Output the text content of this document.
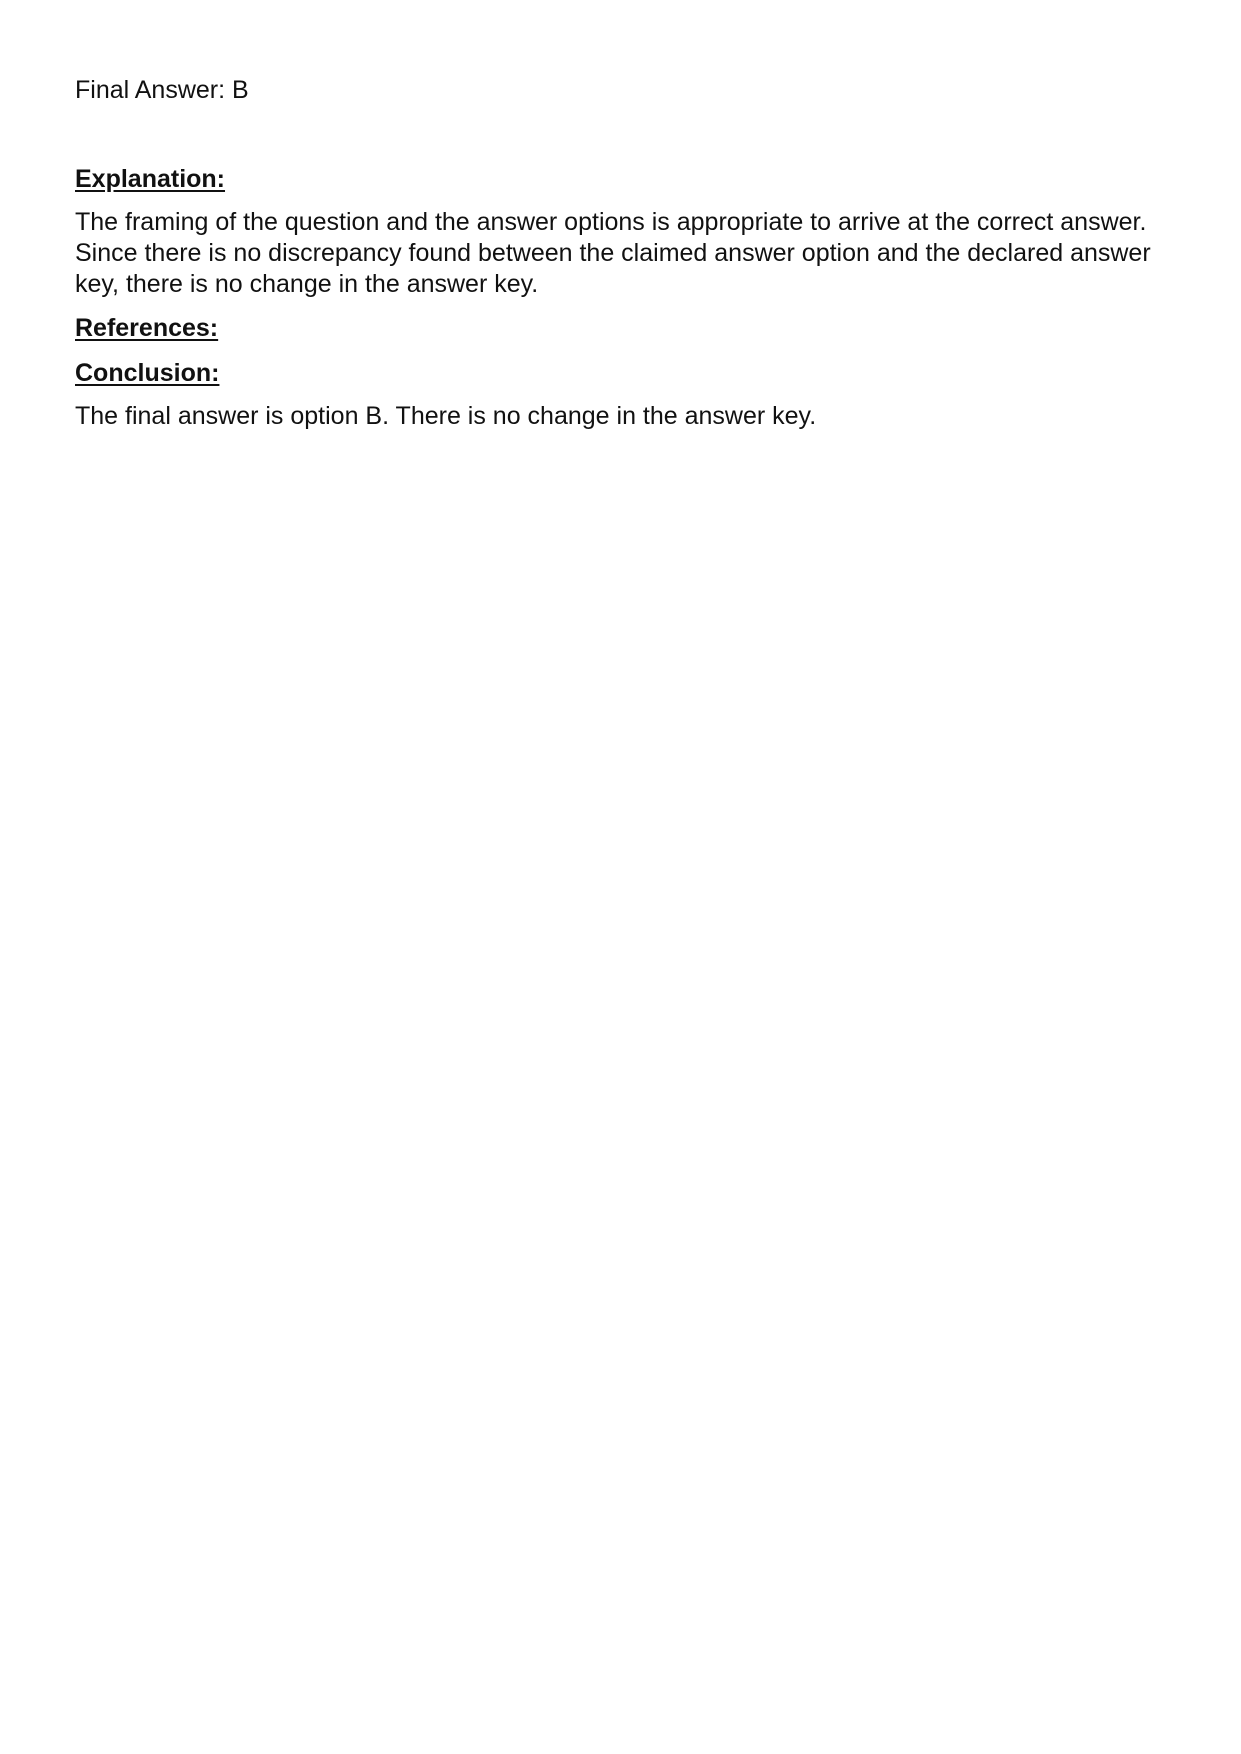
Final Answer: B

Explanation:

The framing of the question and the answer options is appropriate to arrive at the correct answer. Since there is no discrepancy found between the claimed answer option and the declared answer key, there is no change in the answer key.

References:
Conclusion:

The final answer is option B. There is no change in the answer key.
